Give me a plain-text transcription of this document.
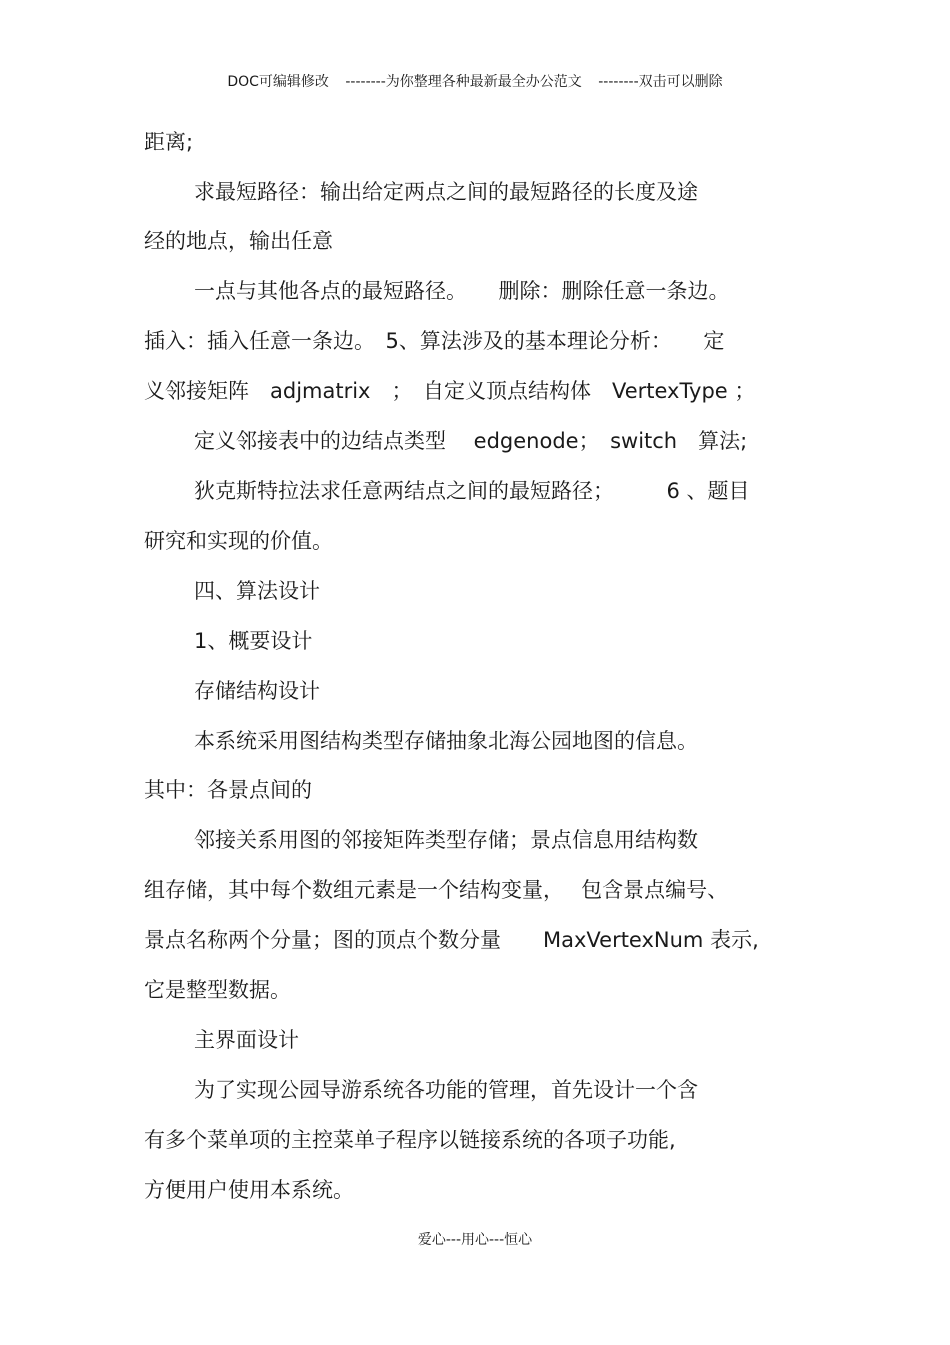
DOC可编辑修改 --------为你整理各种最新最全办公范文 --------双击可以删除
距离;
求最短路径：输出给定两点之间的最短路径的长度及途
经的地点，输出任意
一点与其他各点的最短路径。　　删除：删除任意一条边。
插入：插入任意一条边。　5、算法涉及的基本理论分析：　　定
义邻接矩阵　adjmatrix　；　自定义顶点结构体　VertexType ；
定义邻接表中的边结点类型　 edgenode；　switch　算法;
狄克斯特拉法求任意两结点之间的最短路径；　　　6 、题目
研究和实现的价值。
四、算法设计
1、概要设计
存储结构设计
本系统采用图结构类型存储抽象北海公园地图的信息。
其中：各景点间的
邻接关系用图的邻接矩阵类型存储；景点信息用结构数
组存储，其中每个数组元素是一个结构变量，　 包含景点编号、
景点名称两个分量；图的顶点个数分量　　MaxVertexNum 表示,
它是整型数据。
主界面设计
为了实现公园导游系统各功能的管理，首先设计一个含
有多个菜单项的主控菜单子程序以链接系统的各项子功能,
方便用户使用本系统。
爱心---用心---恒心
